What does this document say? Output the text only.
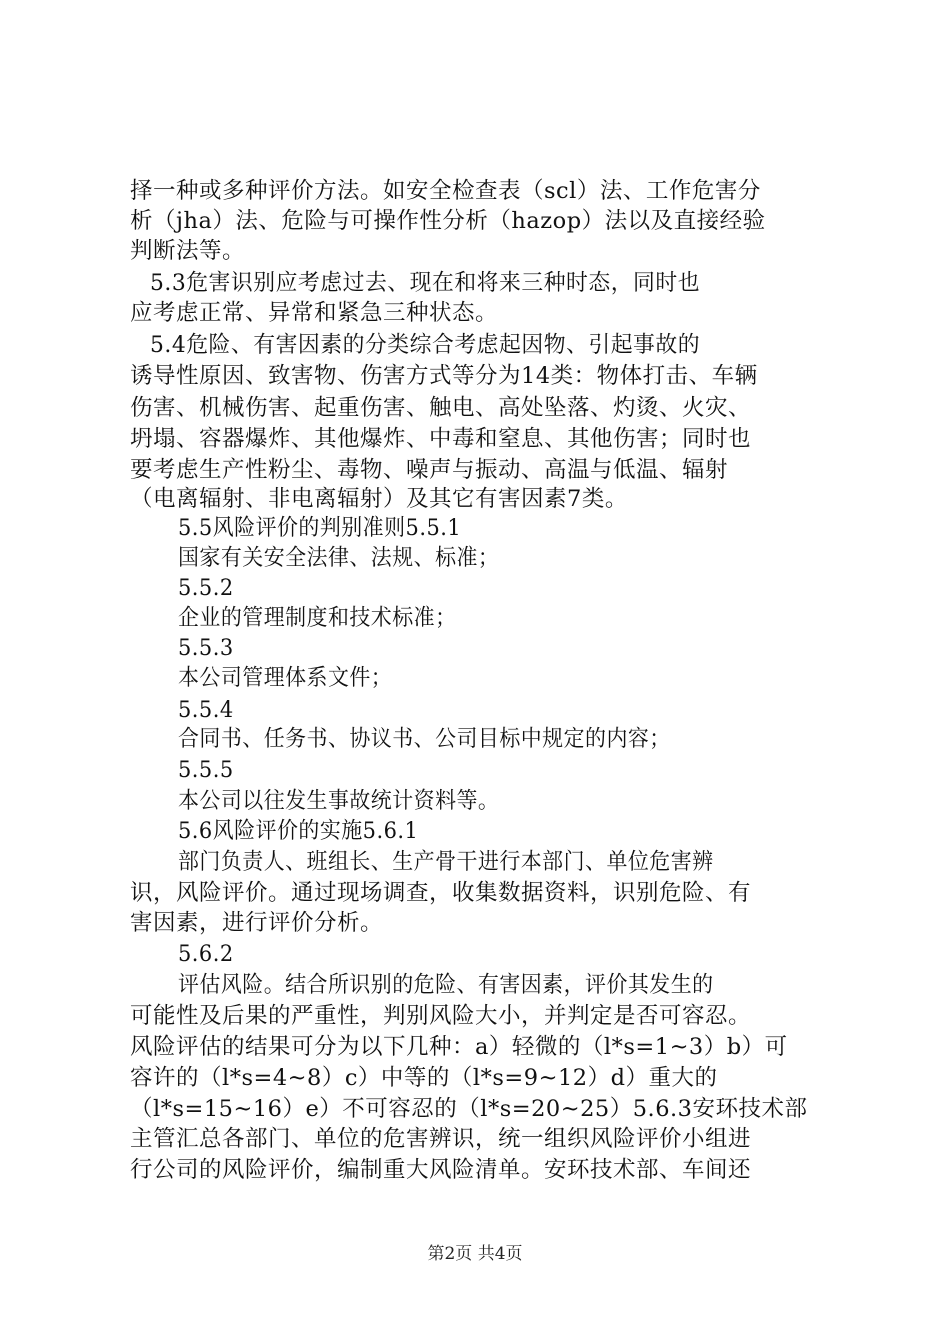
择一种或多种评价方法。如安全检查表（scl）法、工作危害分
析（jha）法、危险与可操作性分析（hazop）法以及直接经验
判断法等。
5.3危害识别应考虑过去、现在和将来三种时态，同时也
应考虑正常、异常和紧急三种状态。
5.4危险、有害因素的分类综合考虑起因物、引起事故的
诱导性原因、致害物、伤害方式等分为14类：物体打击、车辆
伤害、机械伤害、起重伤害、触电、高处坠落、灼烫、火灾、
坍塌、容器爆炸、其他爆炸、中毒和窒息、其他伤害；同时也
要考虑生产性粉尘、毒物、噪声与振动、高温与低温、辐射
（电离辐射、非电离辐射）及其它有害因素7类。
5.5风险评价的判别准则5.5.1
国家有关安全法律、法规、标准；
5.5.2
企业的管理制度和技术标准；
5.5.3
本公司管理体系文件；
5.5.4
合同书、任务书、协议书、公司目标中规定的内容；
5.5.5
本公司以往发生事故统计资料等。
5.6风险评价的实施5.6.1
部门负责人、班组长、生产骨干进行本部门、单位危害辨
识，风险评价。通过现场调查，收集数据资料，识别危险、有
害因素，进行评价分析。
5.6.2
评估风险。结合所识别的危险、有害因素，评价其发生的
可能性及后果的严重性，判别风险大小，并判定是否可容忍。
风险评估的结果可分为以下几种：a）轻微的（l*s=1~3）b）可
容许的（l*s=4~8）c）中等的（l*s=9~12）d）重大的
（l*s=15~16）e）不可容忍的（l*s=20~25）5.6.3安环技术部
主管汇总各部门、单位的危害辨识，统一组织风险评价小组进
行公司的风险评价，编制重大风险清单。安环技术部、车间还
第2页 共4页
